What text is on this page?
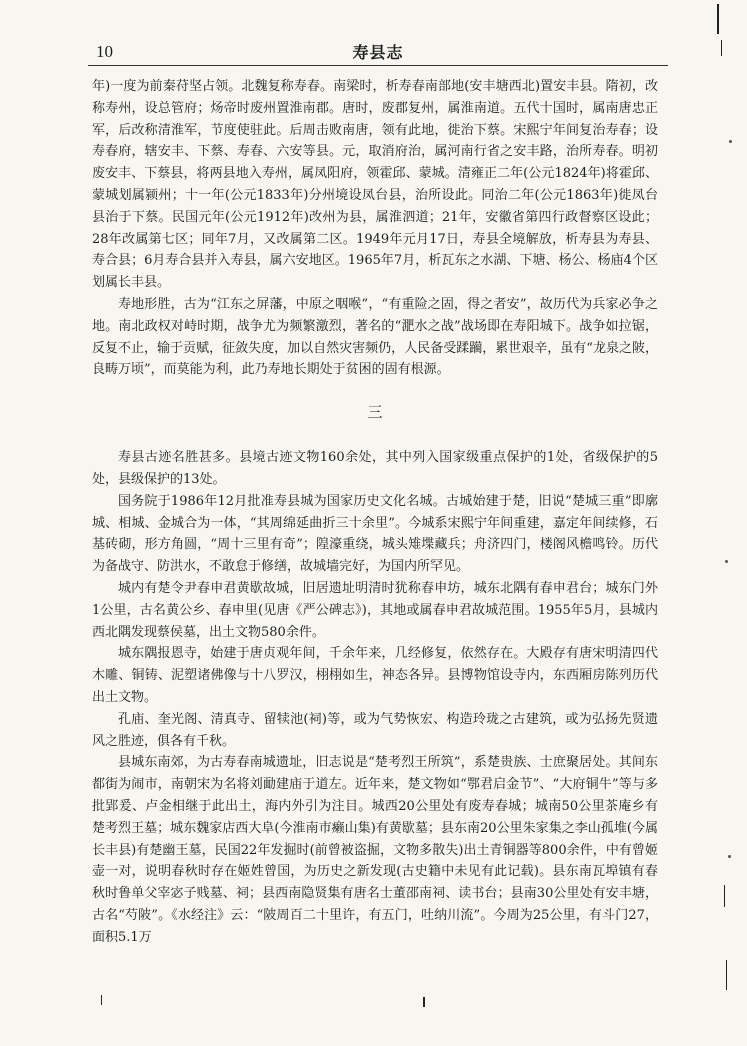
10	寿县志

年)一度为前秦苻坚占领。北魏复称寿春。南梁时，析寿春南部地(安丰塘西北)置安丰县。隋初，改称寿州，设总管府；炀帝时废州置淮南郡。唐时，废郡复州，属淮南道。五代十国时，属南唐忠正军，后改称清淮军，节度使驻此。后周击败南唐，领有此地，徙治下蔡。宋熙宁年间复治寿春；设寿春府，辖安丰、下蔡、寿春、六安等县。元，取消府治，属河南行省之安丰路，治所寿春。明初废安丰、下蔡县，将两县地入寿州，属凤阳府，领霍邱、蒙城。清雍正二年(公元1824年)将霍邱、蒙城划属颍州；十一年(公元1833年)分州境设凤台县，治所设此。同治二年(公元1863年)徙凤台县治于下蔡。民国元年(公元1912年)改州为县，属淮泗道；21年，安徽省第四行政督察区设此；28年改属第七区；同年7月，又改属第二区。1949年元月17日，寿县全境解放，析寿县为寿县、寿合县；6月寿合县并入寿县，属六安地区。1965年7月，析瓦东之水湖、下塘、杨公、杨庙4个区划属长丰县。

寿地形胜，古为“江东之屏藩，中原之咽喉”，“有重险之固，得之者安”，故历代为兵家必争之地。南北政权对峙时期，战争尤为频繁激烈，著名的“淝水之战”战场即在寿阳城下。战争如拉锯，反复不止，输于贡赋，征敛失度，加以自然灾害频仍，人民备受蹂躏，累世艰辛，虽有“龙泉之陂，良畴万顷”，而莫能为利，此乃寿地长期处于贫困的固有根源。

三

寿县古迹名胜甚多。县境古迹文物160余处，其中列入国家级重点保护的1处，省级保护的5处，县级保护的13处。

国务院于1986年12月批准寿县城为国家历史文化名城。古城始建于楚，旧说“楚城三重”即廓城、相城、金城合为一体，“其周绵延曲折三十余里”。今城系宋熙宁年间重建，嘉定年间续修，石基砖砌，形方角圆，“周十三里有奇”；隍濠重绕，城头雉堞藏兵；舟济四门，楼阁风檐鸣铃。历代为备战守、防洪水，不敢怠于修缮，故城墙完好，为国内所罕见。

城内有楚令尹春申君黄歇故城，旧居遗址明清时犹称春申坊，城东北隅有春申君台；城东门外1公里，古名黄公乡、春申里(见唐《严公碑志》)，其地或属春申君故城范围。1955年5月，县城内西北隅发现蔡侯墓，出土文物580余件。

城东隅报恩寺，始建于唐贞观年间，千余年来，几经修复，依然存在。大殿存有唐宋明清四代木雕、铜铸、泥塑诸佛像与十八罗汉，栩栩如生，神态各异。县博物馆设寺内，东西厢房陈列历代出土文物。

孔庙、奎光阁、清真寺、留犊池(祠)等，或为气势恢宏、构造玲珑之古建筑，或为弘扬先贤遗风之胜迹，俱各有千秋。

县城东南郊，为古寿春南城遗址，旧志说是“楚考烈王所筑”，系楚贵族、士庶聚居处。其间东都街为闹市，南朝宋为名将刘勔建庙于道左。近年来，楚文物如“鄂君启金节”、“大府铜牛”等与多批郢爰、卢金相继于此出土，海内外引为注目。城西20公里处有废寿春城；城南50公里茶庵乡有楚考烈王墓；城东魏家店西大阜(今淮南市癞山集)有黄歇墓；县东南20公里朱家集之李山孤堆(今属长丰县)有楚幽王墓，民国22年发掘时(前曾被盗掘，文物多散失)出土青铜器等800余件，中有曾姬壶一对，说明春秋时存在姬姓曾国，为历史之新发现(古史籍中未见有此记载)。县东南瓦埠镇有春秋时鲁单父宰宓子贱墓、祠；县西南隐贤集有唐名士董邵南祠、读书台；县南30公里处有安丰塘，古名“芍陂”。《水经注》云：“陂周百二十里许，有五门，吐纳川流”。今周为25公里，有斗门27，面积5.1万
